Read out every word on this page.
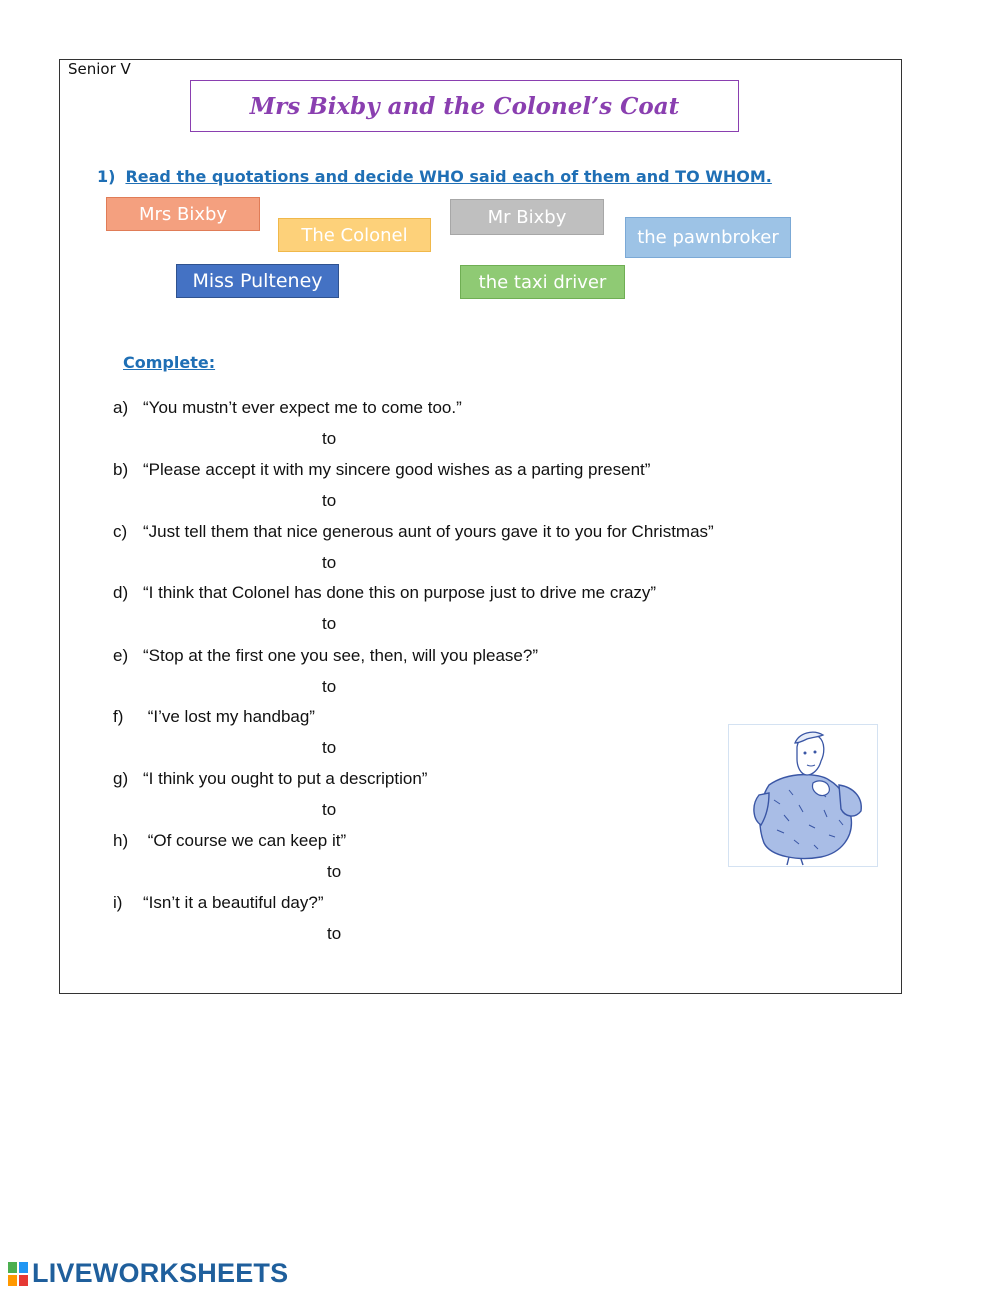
Senior V
Mrs Bixby and the Colonel’s Coat
1) Read the quotations and decide WHO said each of them and TO WHOM.
Mrs Bixby
The Colonel
Mr Bixby
the pawnbroker
Miss Pulteney	the taxi driver
Complete:
a) “You mustn’t ever expect me to come too.”
to
b) “Please accept it with my sincere good wishes as a parting present”
to
c) “Just tell them that nice generous aunt of yours gave it to you for Christmas”
to
d) “I think that Colonel has done this on purpose just to drive me crazy”
to
e) “Stop at the first one you see, then, will you please?”
to
f) “I’ve lost my handbag”
to
g) “I think you ought to put a description”
to
h) “Of course we can keep it”
to
i) “Isn’t it a beautiful day?”
to
LIVEWORKSHEETS
